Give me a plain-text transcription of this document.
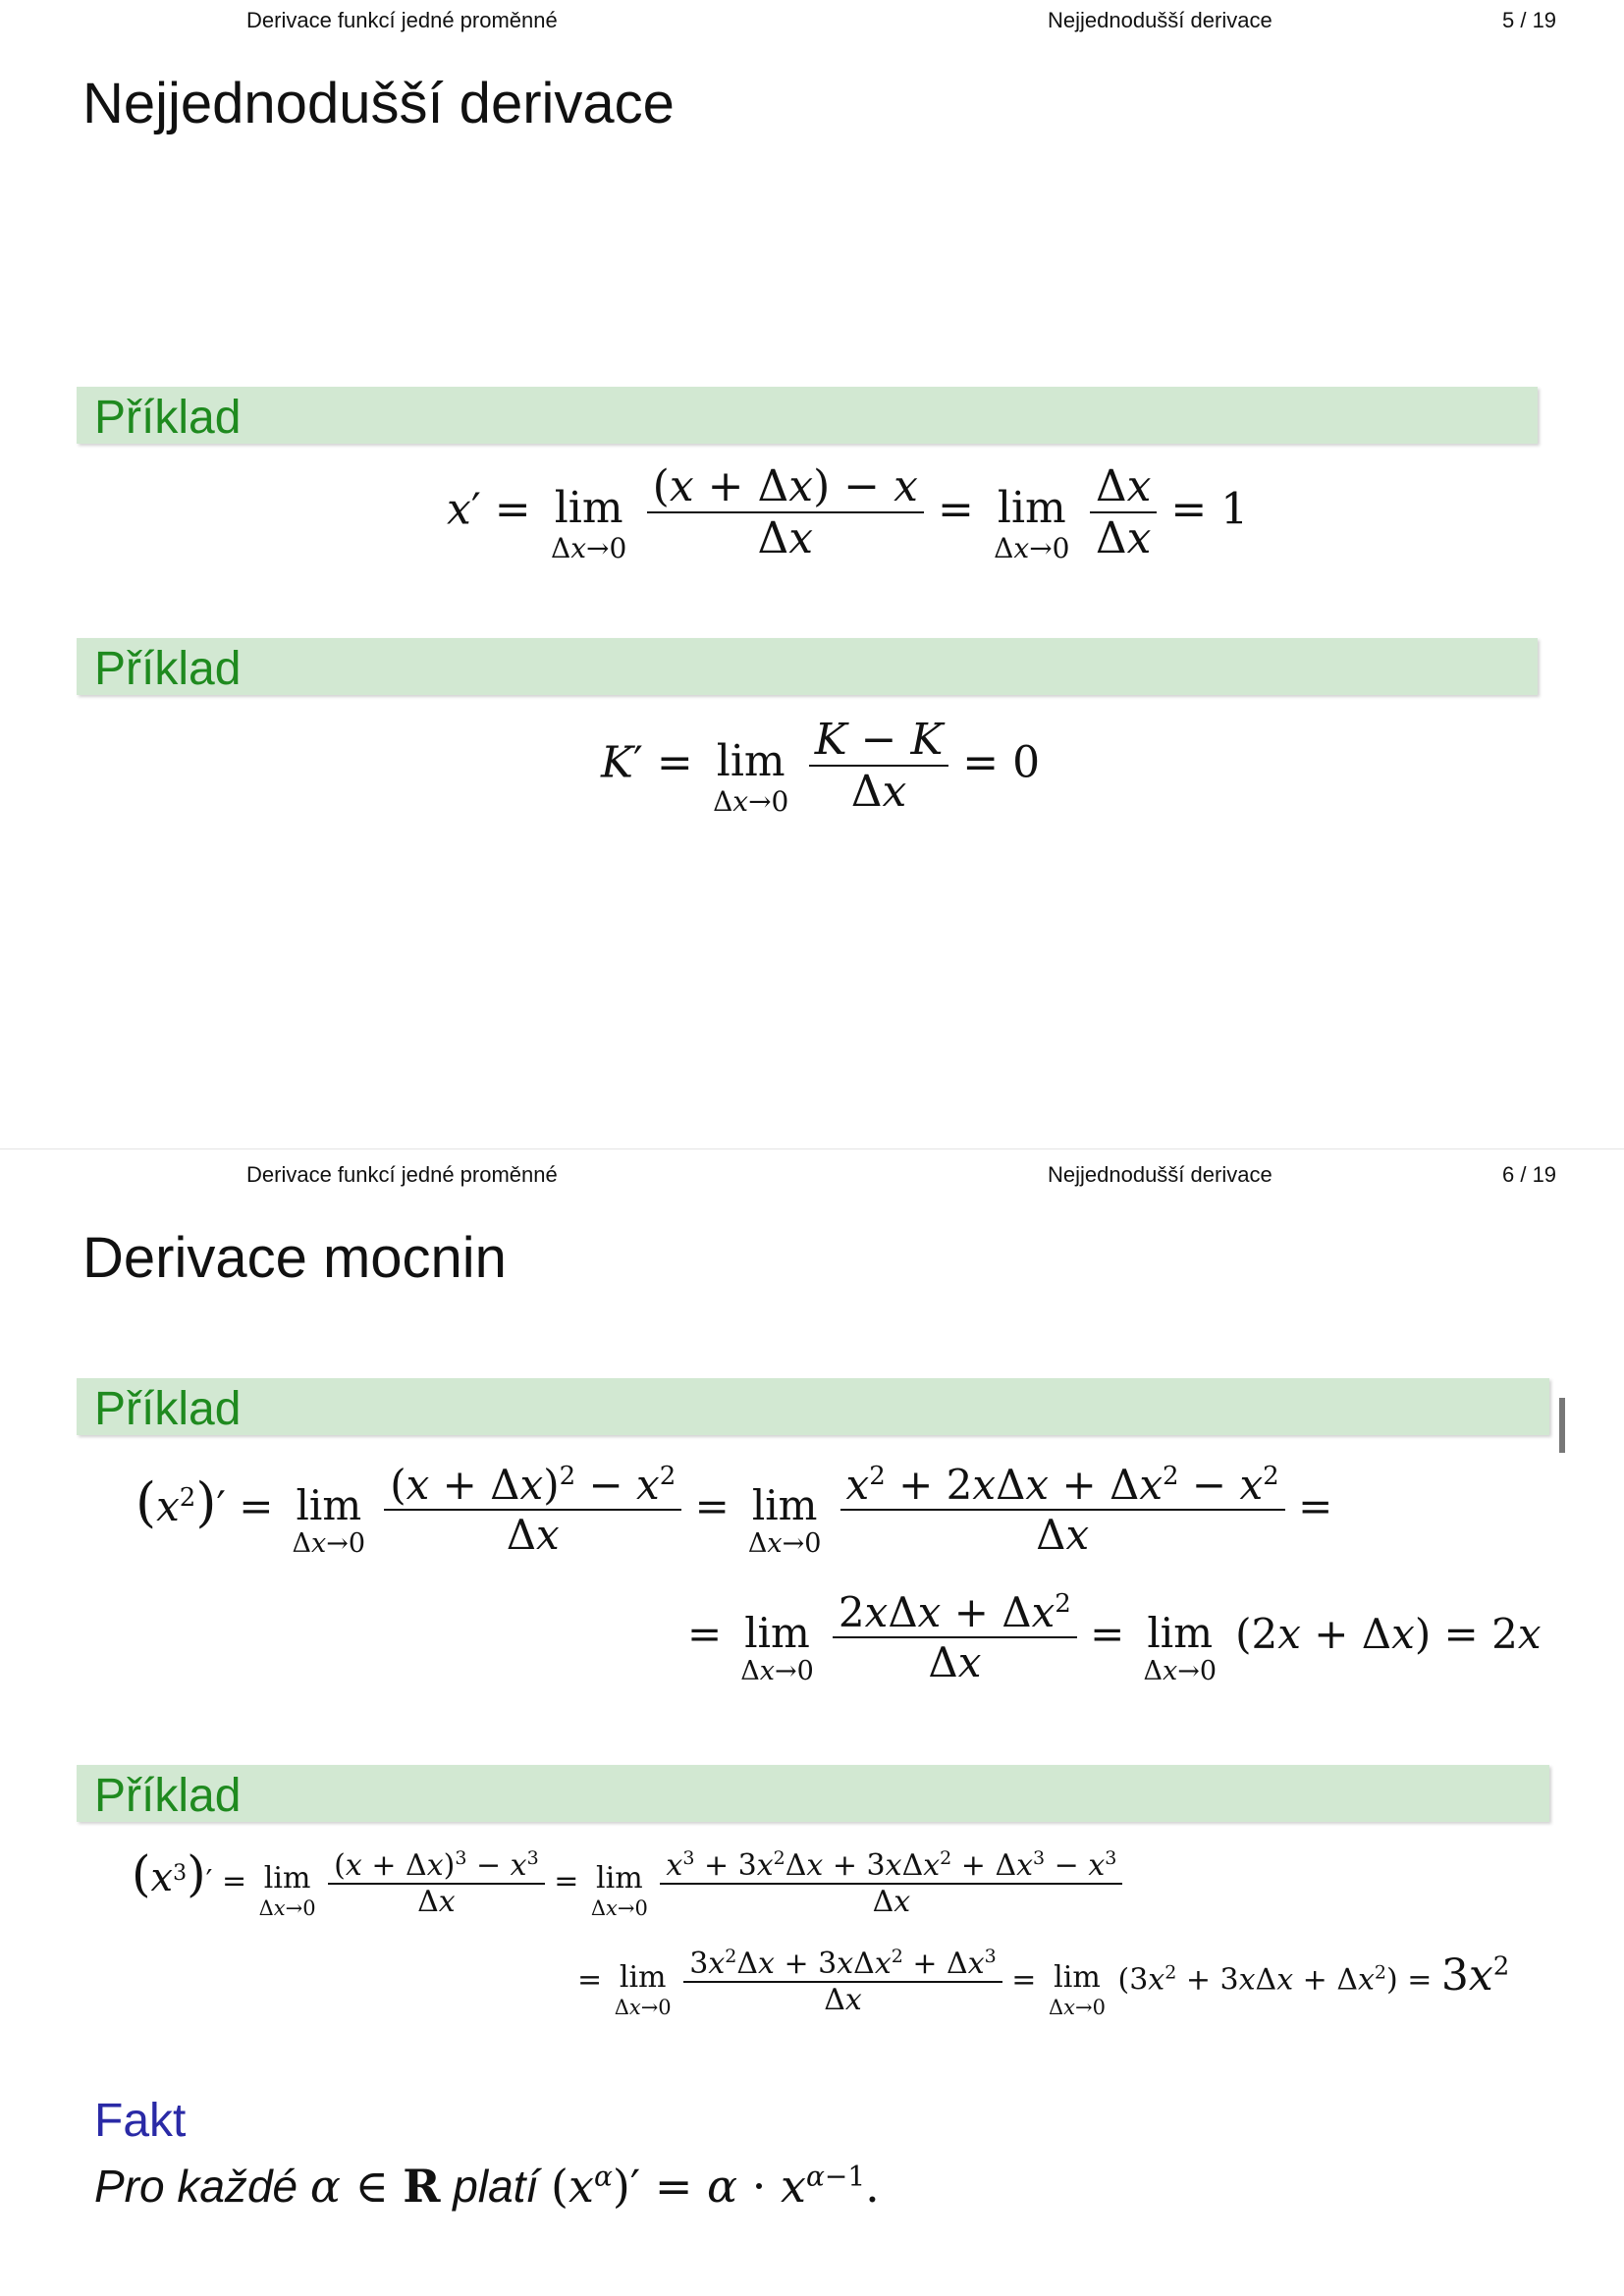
Derivace funkcí jedné proměnné	Nejjednodušší derivace	5 / 19
Nejjednodušší derivace
Příklad
x′ = lim
Δx→0
$\frac{(x + \Delta x) - x}{\Delta x} = \lim$
Δx→0
$\frac{\Delta x}{\Delta x} = 1$
Příklad
K′ = lim
Δx→0
$\frac{K - K}{\Delta x} = 0$
Derivace funkcí jedné proměnné	Nejjednodušší derivace	6 / 19
Derivace mocnin
Příklad
$(x^2)' = \lim$
Δx→0
$\frac{(x + \Delta x)^2 - x^2}{\Delta x} = \lim$
Δx→0
$\frac{x^2 + 2x\Delta x + \Delta x^2 - x^2}{\Delta x}$ =
= lim
Δx→0
$\frac{2x\Delta x + \Delta x^2}{\Delta x} = \lim$
Δx→0
(2x + Δx) = 2x
Příklad
$(x^3)' = \lim$
Δx→0
$\frac{(x + \Delta x)^3 - x^3}{\Delta x} = \lim$
Δx→0
$\frac{x^3 + 3x^2\Delta x + 3x\Delta x^2 + \Delta x^3 - x^3}{\Delta x}$
= lim
Δx→0
$\frac{3x^2\Delta x + 3x\Delta x^2 + \Delta x^3}{\Delta x} = \lim$
Δx→0
$(3x^2 + 3x\Delta x + \Delta x^2) = 3x^2$
Fakt
Pro každé α ∈ R platí $(x^\alpha)' = \alpha \cdot x^{\alpha-1}$.
